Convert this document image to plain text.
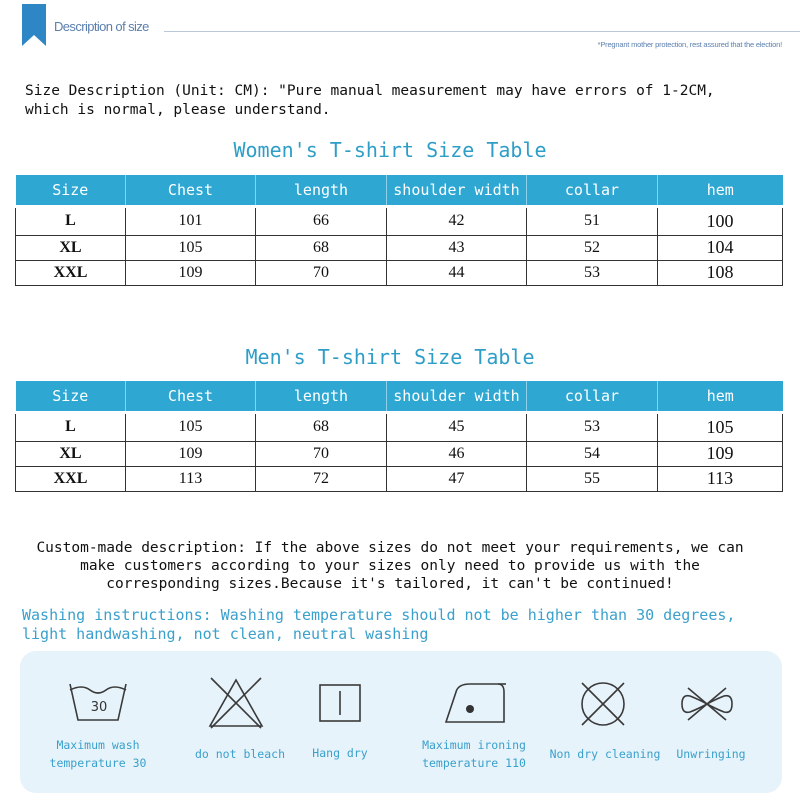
Description of size
*Pregnant mother protection, rest assured that the election!
Size Description (Unit: CM): "Pure manual measurement may have errors of 1-2CM,
which is normal, please understand.
Women's T-shirt Size Table
Size	Chest	length	shoulder width	collar	hem
L	101	66	42	51	100
XL	105	68	43	52	104
XXL	109	70	44	53	108
Men's T-shirt Size Table
Size	Chest	length	shoulder width	collar	hem
L	105	68	45	53	105
XL	109	70	46	54	109
XXL	113	72	47	55	113
Custom-made description: If the above sizes do not meet your requirements, we can
make customers according to your sizes only need to provide us with the
corresponding sizes.Because it's tailored, it can't be continued!
Washing instructions: Washing temperature should not be higher than 30 degrees,
light handwashing, not clean, neutral washing
30
Maximum wash
temperature 30
do not bleach	Hang dry
Maximum ironing
temperature 110
Non dry cleaning	Unwringing
